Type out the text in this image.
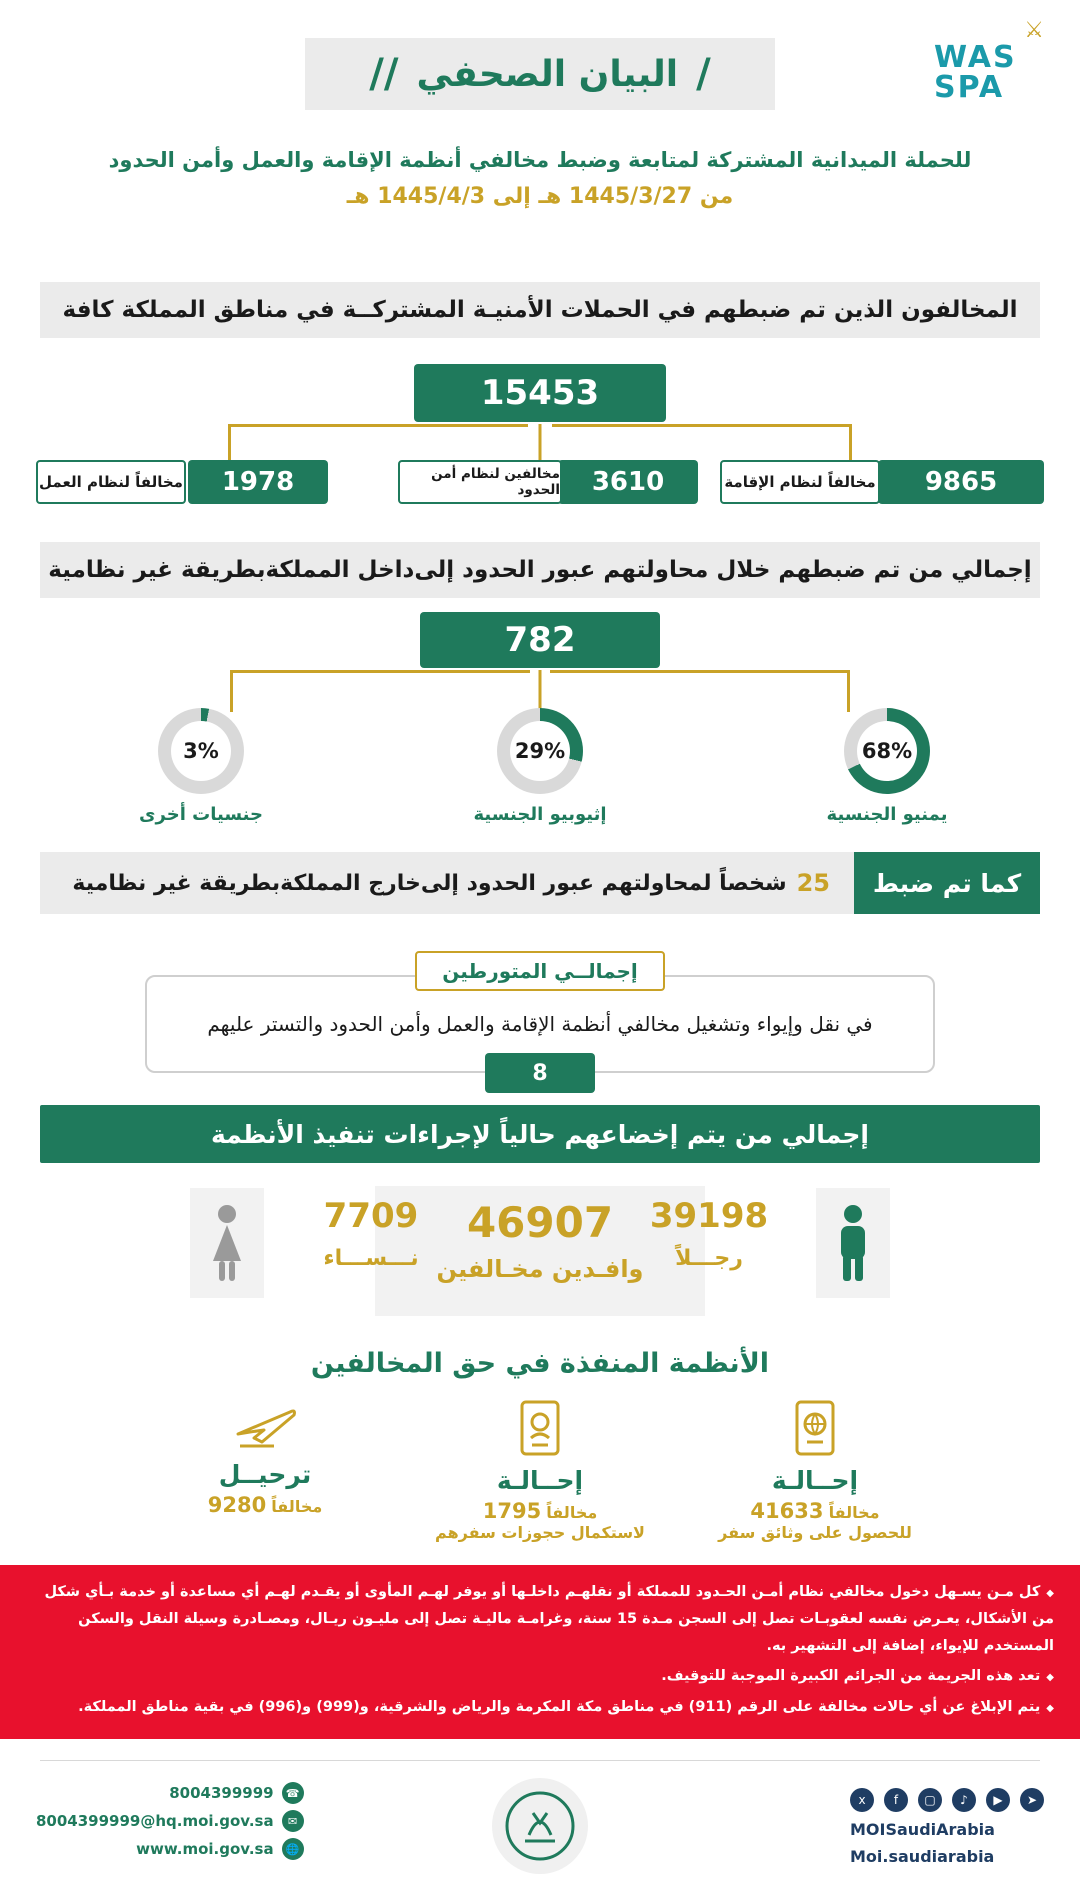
⚔
WAS
SPA
/
البيان الصحفي
//
للحملة الميدانية المشتركة لمتابعة وضبط مخالفي أنظمة الإقامة والعمل وأمن الحدود
من 1445/3/27 هـ إلى 1445/4/3 هـ
المخالفون الذين تم ضبطهم في الحملات الأمنيـة المشتركــة في مناطق المملكة كافة
15453
9865
مخالفاً لنظام الإقامة
3610
مخالفين لنظام أمن الحدود
1978
مخالفاً لنظام العمل
إجمالي من تم ضبطهم خلال محاولتهم عبور الحدود إلى
داخل المملكة
بطريقة غير نظامية
782
68%
يمنيو الجنسية
29%
إثيوبيو الجنسية
3%
جنسيات أخرى
25
شخصاً لمحاولتهم عبور الحدود إلى
خارج المملكة
بطريقة غير نظامية	كما تم ضبط
في نقل وإيواء وتشغيل مخالفي أنظمة الإقامة والعمل وأمن الحدود والتستر عليهم
إجمالــي المتورطين
8
إجمالي من يتم إخضاعهم حالياً لإجراءات تنفيذ الأنظمة
46907
وافـدين مخـالفين
39198
رجـــلاً
7709
نـــســـاء
الأنظمة المنفذة في حق المخالفين
إحــالـة
مخالفاً 41633
للحصول على وثائق سفر
إحــالـة
مخالفاً 1795
لاستكمال حجوزات سفرهم
ترحيــل
مخالفاً 9280
◆ كل مـن يسـهل دخول مخالفي نظام أمـن الحـدود للمملكة أو نقلهـم داخلـها أو يوفر لهـم المأوى أو يقـدم لهـم أي مساعدة أو خدمة بـأي شكل من الأشكال، يعـرض نفسه لعقوبـات تصل إلى السجن مـدة 15 سنة، وغرامـة ماليـة تصل إلى مليـون ريـال، ومصـادرة وسيلة النقل والسكن المستخدم للإيواء، إضافة إلى التشهير به.
◆ تعد هذه الجريمة من الجرائم الكبيرة الموجبة للتوقيف.
◆ يتم الإبلاغ عن أي حالات مخالفة على الرقم (911) في مناطق مكة المكرمة والرياض والشرقية، و(999) و(996) في بقية مناطق المملكة.
x	f	▢	♪	▶	➤
MOISaudiArabia
Moi.saudiarabia
8004399999	☎
8004399999@hq.moi.gov.sa	✉
www.moi.gov.sa	🌐
